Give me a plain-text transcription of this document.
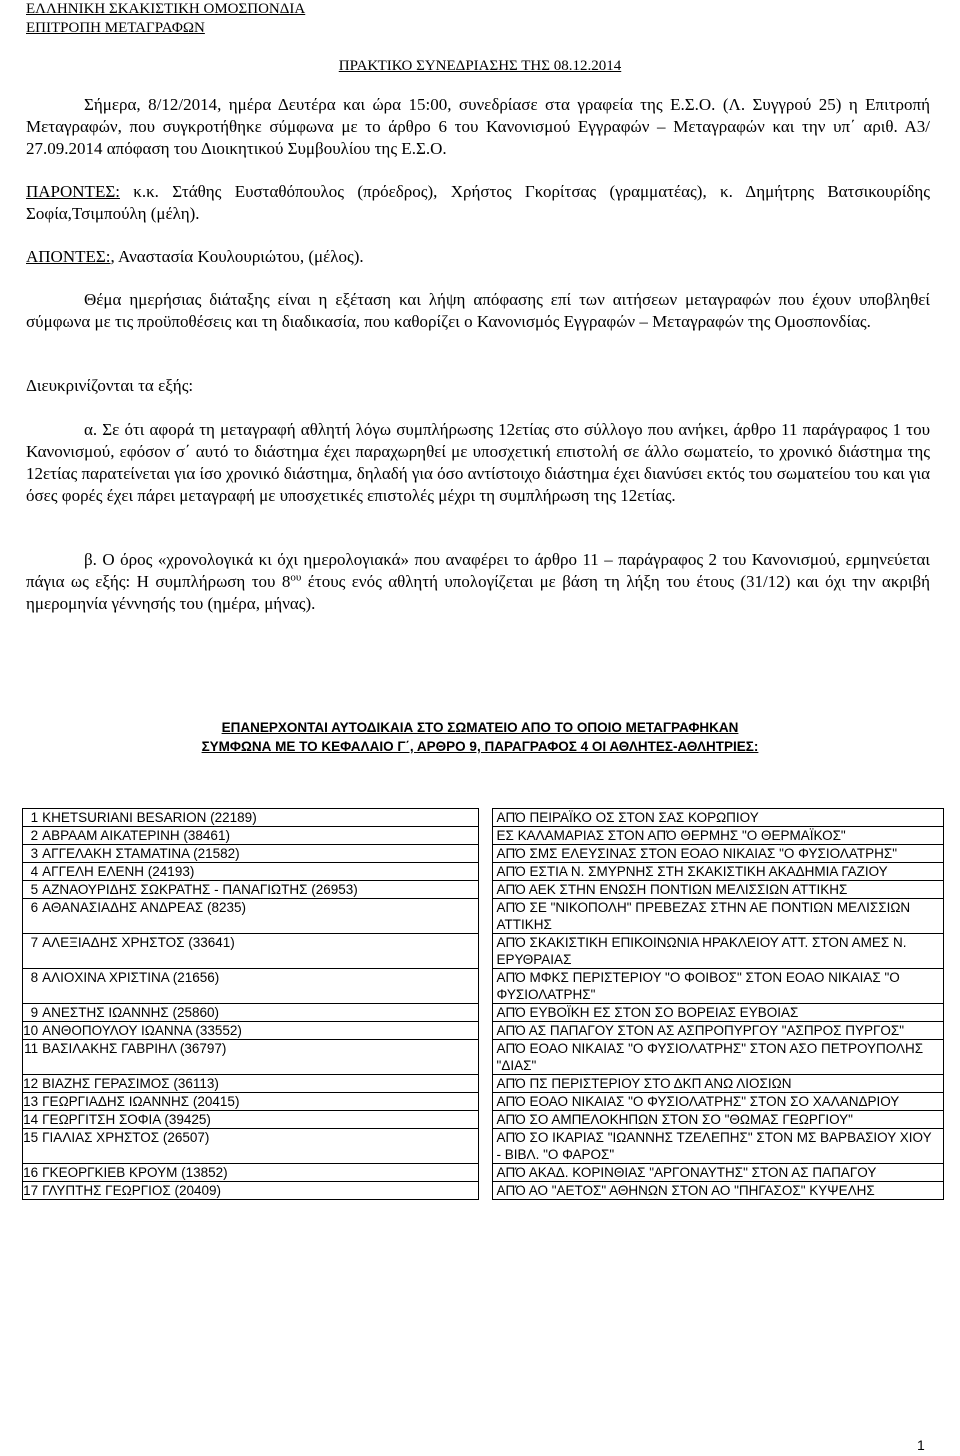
ΕΛΛΗΝΙΚΗ ΣΚΑΚΙΣΤΙΚΗ ΟΜΟΣΠΟΝΔΙΑ
ΕΠΙΤΡΟΠΗ ΜΕΤΑΓΡΑΦΩΝ
ΠΡΑΚΤΙΚΟ ΣΥΝΕΔΡΙΑΣΗΣ ΤΗΣ 08.12.2014
Σήμερα, 8/12/2014, ημέρα Δευτέρα και ώρα 15:00, συνεδρίασε στα γραφεία της Ε.Σ.Ο. (Λ. Συγγρού 25) η Επιτροπή Μεταγραφών, που συγκροτήθηκε σύμφωνα με το άρθρο 6 του Κανονισμού Εγγραφών – Μεταγραφών και την υπ΄ αριθ. Α3/ 27.09.2014 απόφαση του Διοικητικού Συμβουλίου της Ε.Σ.Ο.
ΠΑΡΟΝΤΕΣ: κ.κ. Στάθης Ευσταθόπουλος (πρόεδρος), Χρήστος Γκορίτσας (γραμματέας), κ. Δημήτρης Βατσικουρίδης Σοφία,Τσιμπούλη (μέλη).
ΑΠΟΝΤΕΣ:, Αναστασία Κουλουριώτου, (μέλος).
Θέμα ημερήσιας διάταξης είναι η εξέταση και λήψη απόφασης επί των αιτήσεων μεταγραφών που έχουν υποβληθεί σύμφωνα με τις προϋποθέσεις και τη διαδικασία, που καθορίζει ο Κανονισμός Εγγραφών – Μεταγραφών της Ομοσπονδίας.
Διευκρινίζονται τα εξής:
α. Σε ότι αφορά τη μεταγραφή αθλητή λόγω συμπλήρωσης 12ετίας στο σύλλογο που ανήκει, άρθρο 11 παράγραφος 1 του Κανονισμού, εφόσον σ΄ αυτό το διάστημα έχει παραχωρηθεί με υποσχετική επιστολή σε άλλο σωματείο, το χρονικό διάστημα της 12ετίας παρατείνεται για ίσο χρονικό διάστημα, δηλαδή για όσο αντίστοιχο διάστημα έχει διανύσει εκτός του σωματείου του και για όσες φορές έχει πάρει μεταγραφή με υποσχετικές επιστολές μέχρι τη συμπλήρωση της 12ετίας.
β. Ο όρος «χρονολογικά κι όχι ημερολογιακά» που αναφέρει το άρθρο 11 – παράγραφος 2 του Κανονισμού, ερμηνεύεται πάγια ως εξής: Η συμπλήρωση του $8^{o\upsilon}$ έτους ενός αθλητή υπολογίζεται με βάση τη λήξη του έτους (31/12) και όχι την ακριβή ημερομηνία γέννησής του (ημέρα, μήνας).
ΕΠΑΝΕΡΧΟΝΤΑΙ ΑΥΤΟΔΙΚΑΙΑ ΣΤΟ ΣΩΜΑΤΕΙΟ ΑΠΟ ΤΟ ΟΠΟΙΟ ΜΕΤΑΓΡΑΦΗΚΑΝ
ΣΥΜΦΩΝΑ ΜΕ ΤΟ ΚΕΦΑΛΑΙΟ Γ΄, ΑΡΘΡΟ 9, ΠΑΡΑΓΡΑΦΟΣ 4 ΟΙ ΑΘΛΗΤΕΣ-ΑΘΛΗΤΡΙΕΣ:
1	KHETSURIANI BESARION (22189)		ΑΠΌ ΠΕΙΡΑΪΚΟ ΟΣ ΣΤΟΝ ΣΑΣ ΚΟΡΩΠΙΟΥ
2	ΑΒΡΑΑΜ ΑΙΚΑΤΕΡΙΝΗ (38461)		ΕΣ ΚΑΛΑΜΑΡΙΑΣ ΣΤΟΝ ΑΠΌ ΘΕΡΜΗΣ "Ο ΘΕΡΜΑΪΚΟΣ"
3	ΑΓΓΕΛΑΚΗ ΣΤΑΜΑΤΙΝΑ (21582)		ΑΠΌ ΣΜΣ ΕΛΕΥΣΙΝΑΣ ΣΤΟΝ ΕΟΑΟ ΝΙΚΑΙΑΣ "Ο ΦΥΣΙΟΛΑΤΡΗΣ"
4	ΑΓΓΕΛΗ ΕΛΕΝΗ (24193)		ΑΠΌ ΕΣΤΙΑ Ν. ΣΜΥΡΝΗΣ ΣΤΗ ΣΚΑΚΙΣΤΙΚΗ ΑΚΑΔΗΜΙΑ ΓΑΖΙΟΥ
5	ΑΖΝΑΟΥΡΙΔΗΣ ΣΩΚΡΑΤΗΣ - ΠΑΝΑΓΙΩΤΗΣ (26953)		ΑΠΌ ΑΕΚ ΣΤΗΝ ΕΝΩΣΗ ΠΟΝΤΙΩΝ ΜΕΛΙΣΣΙΩΝ ΑΤΤΙΚΗΣ
6	ΑΘΑΝΑΣΙΑΔΗΣ ΑΝΔΡΕΑΣ (8235)		ΑΠΌ ΣΕ "ΝΙΚΟΠΟΛΗ" ΠΡΕΒΕΖΑΣ ΣΤΗΝ ΑΕ ΠΟΝΤΙΩΝ ΜΕΛΙΣΣΙΩΝ ΑΤΤΙΚΗΣ
7	ΑΛΕΞΙΑΔΗΣ ΧΡΗΣΤΟΣ (33641)		ΑΠΌ ΣΚΑΚΙΣΤΙΚΗ ΕΠΙΚΟΙΝΩΝΙΑ ΗΡΑΚΛΕΙΟΥ ΑΤΤ. ΣΤΟΝ ΑΜΕΣ Ν. ΕΡΥΘΡΑΙΑΣ
8	ΑΛΙΟΧΙΝΑ ΧΡΙΣΤΙΝΑ (21656)		ΑΠΌ ΜΦΚΣ ΠΕΡΙΣΤΕΡΙΟΥ "Ο ΦΟΙΒΟΣ" ΣΤΟΝ ΕΟΑΟ ΝΙΚΑΙΑΣ "Ο ΦΥΣΙΟΛΑΤΡΗΣ"
9	ΑΝΕΣΤΗΣ ΙΩΑΝΝΗΣ (25860)		ΑΠΌ ΕΥΒΟΪΚΗ ΕΣ ΣΤΟΝ ΣΟ ΒΟΡΕΙΑΣ ΕΥΒΟΙΑΣ
10	ΑΝΘΟΠΟΥΛΟΥ ΙΩΑΝΝΑ (33552)		ΑΠΌ ΑΣ ΠΑΠΑΓΟΥ ΣΤΟΝ ΑΣ ΑΣΠΡΟΠΥΡΓΟΥ "ΑΣΠΡΟΣ ΠΥΡΓΟΣ"
11	ΒΑΣΙΛΑΚΗΣ ΓΑΒΡΙΗΛ (36797)		ΑΠΌ ΕΟΑΟ ΝΙΚΑΙΑΣ "Ο ΦΥΣΙΟΛΑΤΡΗΣ" ΣΤΟΝ ΑΣΟ ΠΕΤΡΟΥΠΟΛΗΣ "ΔΙΑΣ"
12	ΒΙΑΖΗΣ ΓΕΡΑΣΙΜΟΣ (36113)		ΑΠΌ ΠΣ ΠΕΡΙΣΤΕΡΙΟΥ ΣΤΟ ΔΚΠ ΑΝΩ ΛΙΟΣΙΩΝ
13	ΓΕΩΡΓΙΑΔΗΣ ΙΩΑΝΝΗΣ (20415)		ΑΠΌ ΕΟΑΟ ΝΙΚΑΙΑΣ "Ο ΦΥΣΙΟΛΑΤΡΗΣ" ΣΤΟΝ ΣΟ ΧΑΛΑΝΔΡΙΟΥ
14	ΓΕΩΡΓΙΤΣΗ ΣΟΦΙΑ (39425)		ΑΠΌ ΣΟ ΑΜΠΕΛΟΚΗΠΩΝ ΣΤΟΝ ΣΟ "ΘΩΜΑΣ ΓΕΩΡΓΙΟΥ"
15	ΓΙΑΛΙΑΣ ΧΡΗΣΤΟΣ (26507)		ΑΠΌ ΣΟ ΙΚΑΡΙΑΣ "ΙΩΑΝΝΗΣ ΤΖΕΛΕΠΗΣ" ΣΤΟΝ ΜΣ ΒΑΡΒΑΣΙΟΥ ΧΙΟΥ - ΒΙΒΛ. "Ο ΦΑΡΟΣ"
16	ΓΚΕΟΡΓΚΙΕΒ ΚΡΟΥΜ (13852)		ΑΠΌ ΑΚΑΔ. ΚΟΡΙΝΘΙΑΣ "ΑΡΓΟΝΑΥΤΗΣ" ΣΤΟΝ ΑΣ ΠΑΠΑΓΟΥ
17	ΓΛΥΠΤΗΣ ΓΕΩΡΓΙΟΣ (20409)		ΑΠΌ ΑΟ "ΑΕΤΟΣ" ΑΘΗΝΩΝ ΣΤΟΝ ΑΟ "ΠΗΓΑΣΟΣ" ΚΥΨΕΛΗΣ
1
